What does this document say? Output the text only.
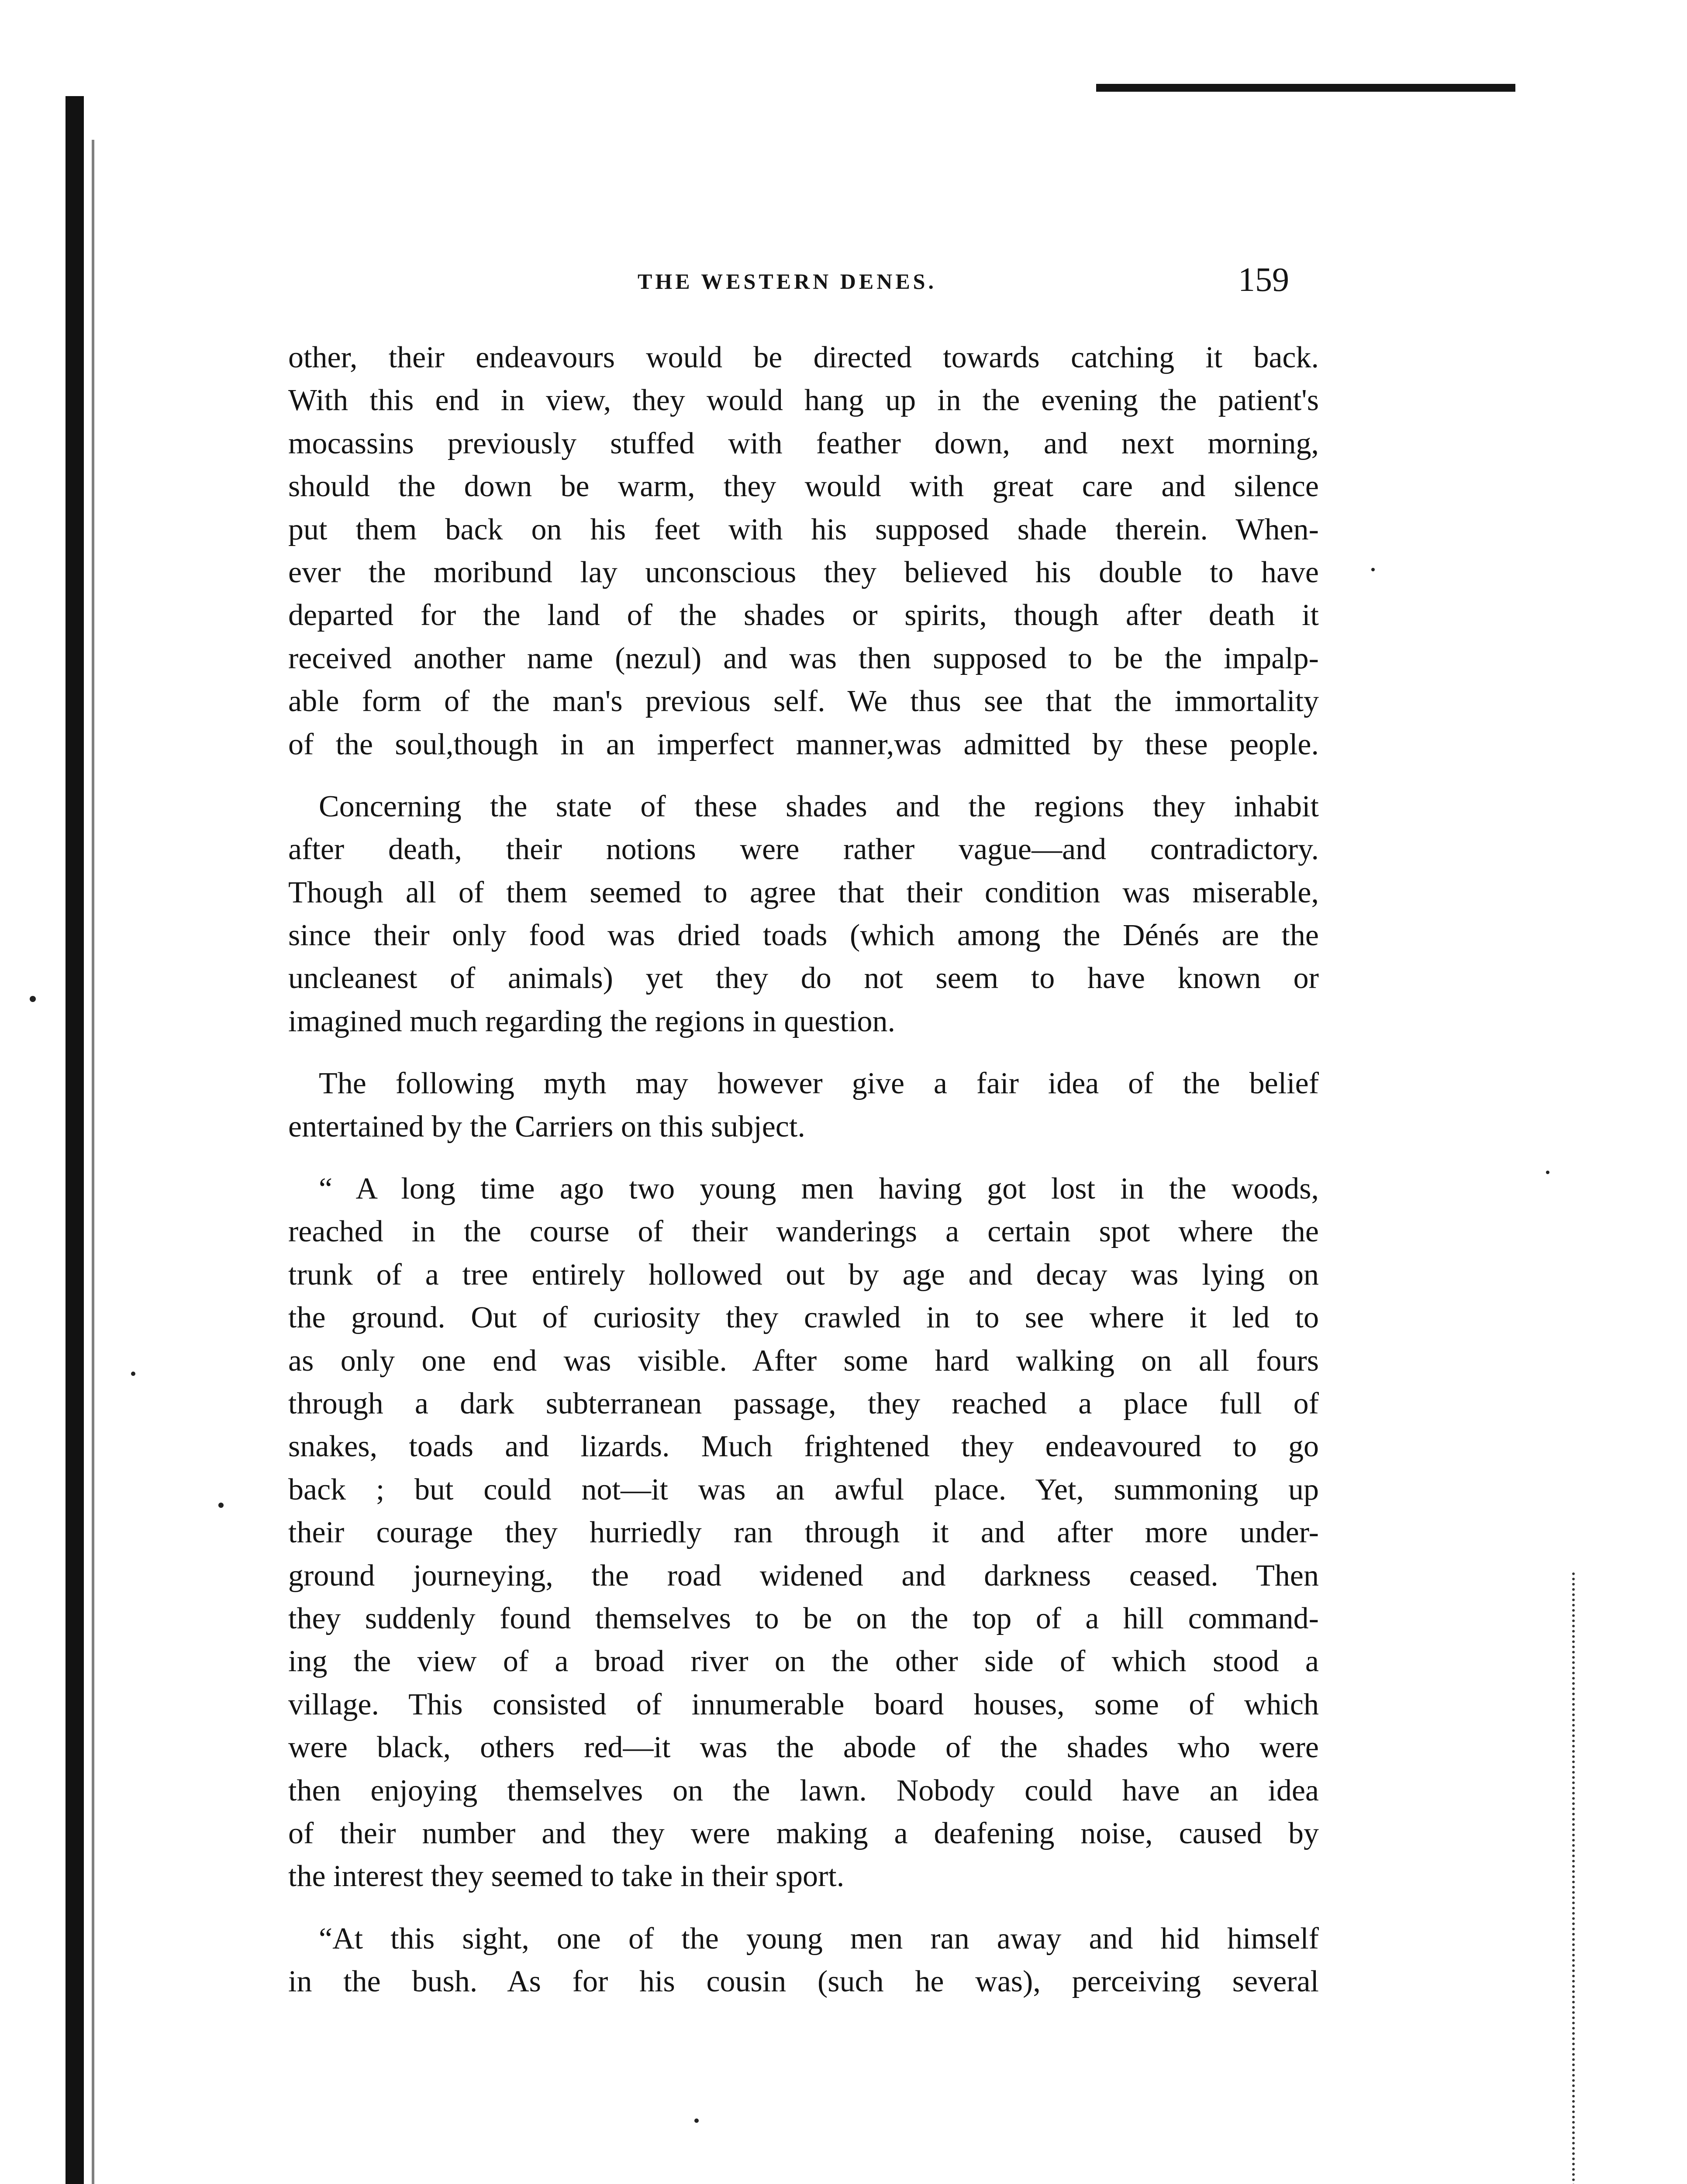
THE WESTERN DENES.	159
other, their endeavours would be directed towards catching it back.
With this end in view, they would hang up in the evening the patient's
mocassins previously stuffed with feather down, and next morning,
should the down be warm, they would with great care and silence
put them back on his feet with his supposed shade therein. When-
ever the moribund lay unconscious they believed his double to have
departed for the land of the shades or spirits, though after death it
received another name (nezul) and was then supposed to be the impalp-
able form of the man's previous self. We thus see that the immortality
of the soul,though in an imperfect manner,was admitted by these people.
Concerning the state of these shades and the regions they inhabit
after death, their notions were rather vague—and contradictory.
Though all of them seemed to agree that their condition was miserable,
since their only food was dried toads (which among the Dénés are the
uncleanest of animals) yet they do not seem to have known or
imagined much regarding the regions in question.
The following myth may however give a fair idea of the belief
entertained by the Carriers on this subject.
“ A long time ago two young men having got lost in the woods,
reached in the course of their wanderings a certain spot where the
trunk of a tree entirely hollowed out by age and decay was lying on
the ground. Out of curiosity they crawled in to see where it led to
as only one end was visible. After some hard walking on all fours
through a dark subterranean passage, they reached a place full of
snakes, toads and lizards. Much frightened they endeavoured to go
back ; but could not—it was an awful place. Yet, summoning up
their courage they hurriedly ran through it and after more under-
ground journeying, the road widened and darkness ceased. Then
they suddenly found themselves to be on the top of a hill command-
ing the view of a broad river on the other side of which stood a
village. This consisted of innumerable board houses, some of which
were black, others red—it was the abode of the shades who were
then enjoying themselves on the lawn. Nobody could have an idea
of their number and they were making a deafening noise, caused by
the interest they seemed to take in their sport.
“At this sight, one of the young men ran away and hid himself
in the bush. As for his cousin (such he was), perceiving several
